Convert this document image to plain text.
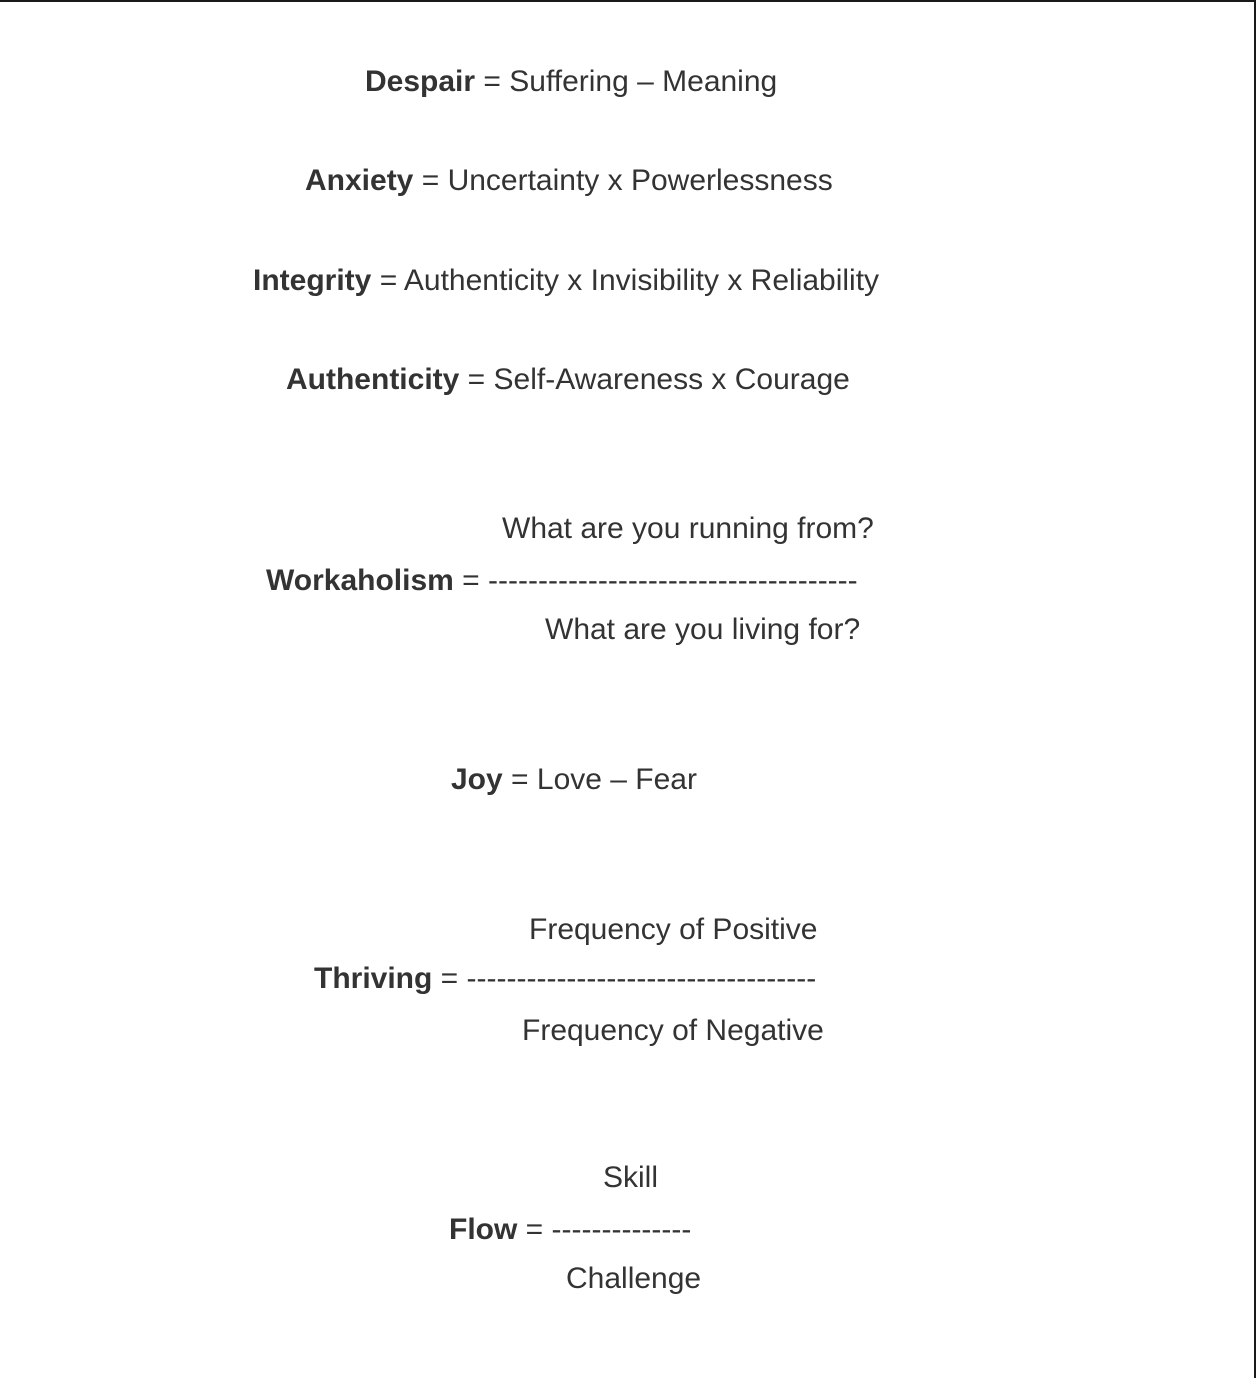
Despair = Suffering – Meaning
Anxiety = Uncertainty x Powerlessness
Integrity = Authenticity x Invisibility x Reliability
Authenticity = Self-Awareness x Courage
What are you running from?
Workaholism = -------------------------------------
What are you living for?
Joy = Love – Fear
Frequency of Positive
Thriving = -----------------------------------
Frequency of Negative
Skill
Flow = --------------
Challenge
